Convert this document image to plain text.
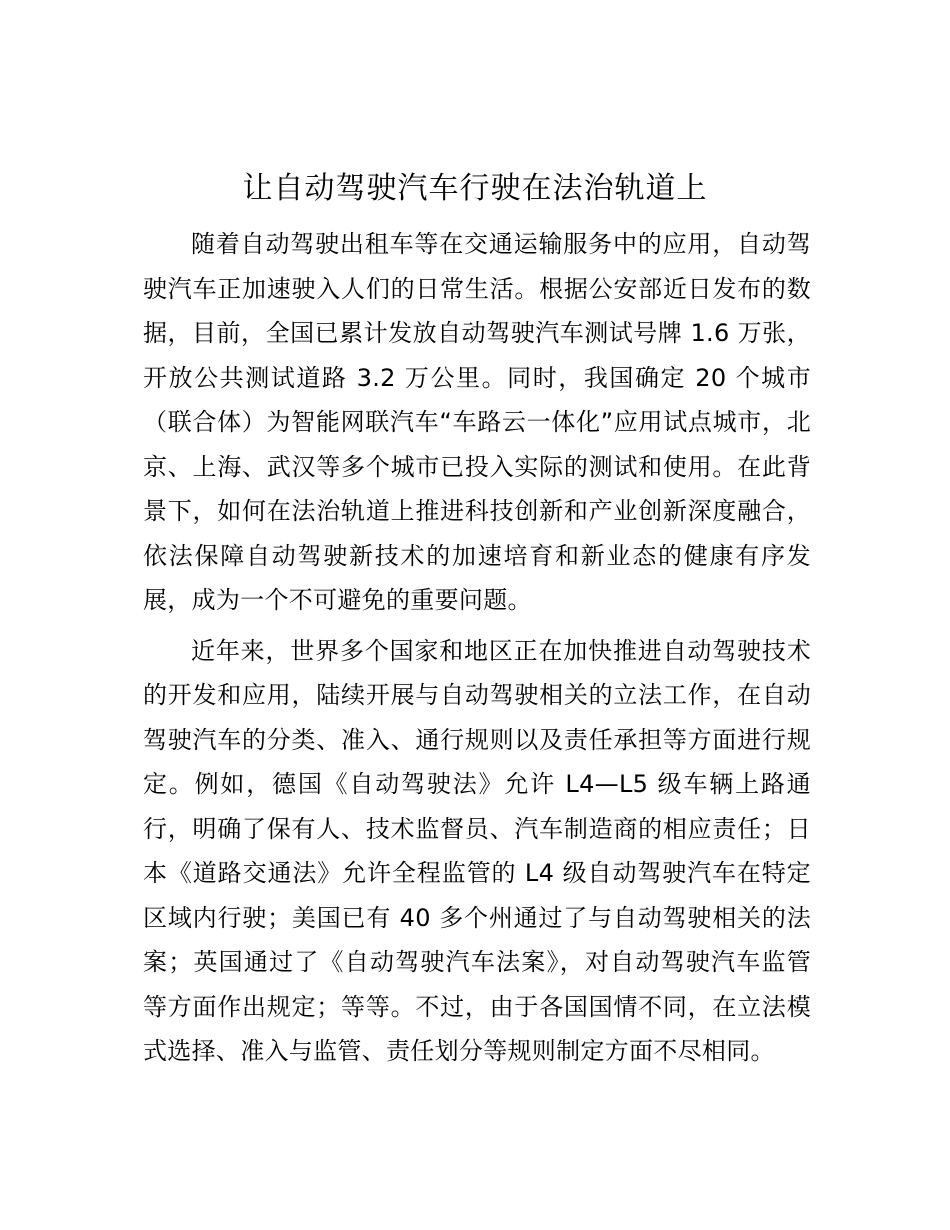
让自动驾驶汽车行驶在法治轨道上

随着自动驾驶出租车等在交通运输服务中的应用，自动驾驶汽车正加速驶入人们的日常生活。根据公安部近日发布的数据，目前，全国已累计发放自动驾驶汽车测试号牌 1.6 万张，开放公共测试道路 3.2 万公里。同时，我国确定 20 个城市（联合体）为智能网联汽车“车路云一体化”应用试点城市，北京、上海、武汉等多个城市已投入实际的测试和使用。在此背景下，如何在法治轨道上推进科技创新和产业创新深度融合，依法保障自动驾驶新技术的加速培育和新业态的健康有序发展，成为一个不可避免的重要问题。

近年来，世界多个国家和地区正在加快推进自动驾驶技术的开发和应用，陆续开展与自动驾驶相关的立法工作，在自动驾驶汽车的分类、准入、通行规则以及责任承担等方面进行规定。例如，德国《自动驾驶法》允许 L4—L5 级车辆上路通行，明确了保有人、技术监督员、汽车制造商的相应责任；日本《道路交通法》允许全程监管的 L4 级自动驾驶汽车在特定区域内行驶；美国已有 40 多个州通过了与自动驾驶相关的法案；英国通过了《自动驾驶汽车法案》，对自动驾驶汽车监管等方面作出规定；等等。不过，由于各国国情不同，在立法模式选择、准入与监管、责任划分等规则制定方面不尽相同。
